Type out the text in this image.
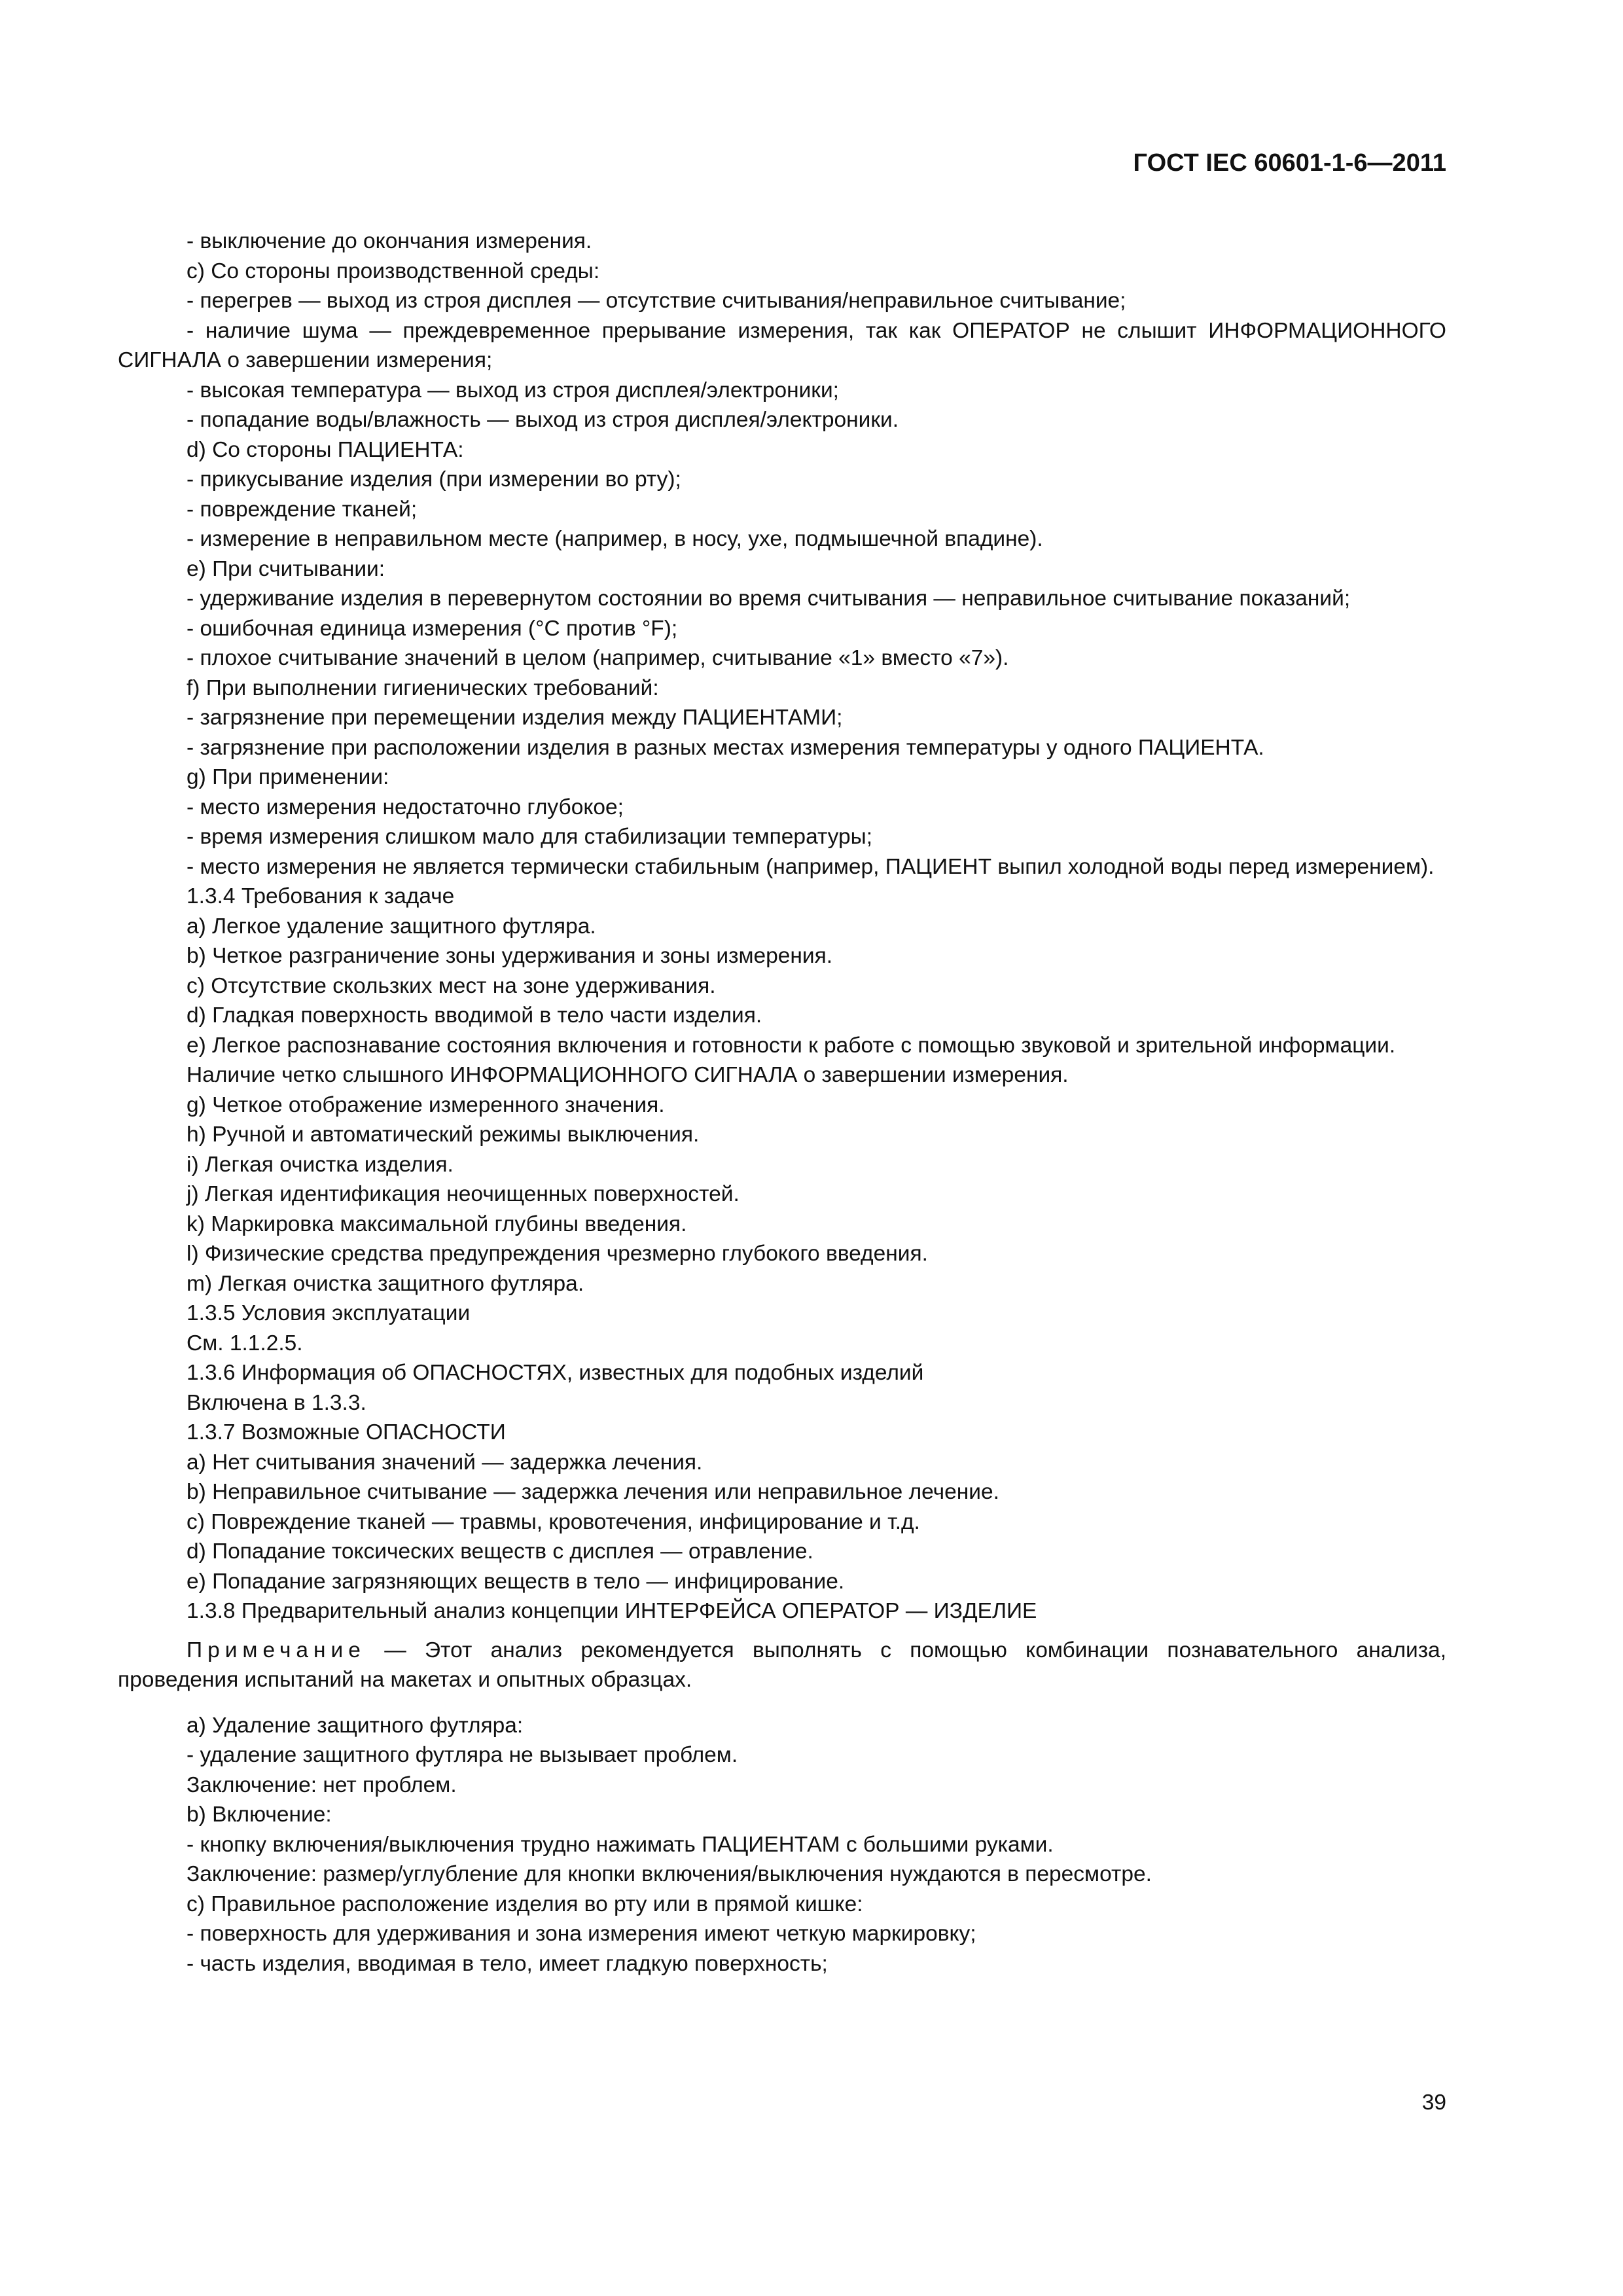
ГОСТ IEC 60601-1-6—2011
- выключение до окончания измерения.
c) Со стороны производственной среды:
- перегрев — выход из строя дисплея — отсутствие считывания/неправильное считывание;

- наличие шума — преждевременное прерывание измерения, так как ОПЕРАТОР не слышит ИНФОРМАЦИОННОГО СИГНАЛА о завершении измерения;

- высокая температура — выход из строя дисплея/электроники;
- попадание воды/влажность — выход из строя дисплея/электроники.
d) Со стороны ПАЦИЕНТА:
- прикусывание изделия (при измерении во рту);
- повреждение тканей;
- измерение в неправильном месте (например, в носу, ухе, подмышечной впадине).
e) При считывании:

- удерживание изделия в перевернутом состоянии во время считывания — неправильное считывание показаний;

- ошибочная единица измерения (°C против °F);
- плохое считывание значений в целом (например, считывание «1» вместо «7»).
f) При выполнении гигиенических требований:
- загрязнение при перемещении изделия между ПАЦИЕНТАМИ;
- загрязнение при расположении изделия в разных местах измерения температуры у одного ПАЦИЕНТА.
g) При применении:
- место измерения недостаточно глубокое;
- время измерения слишком мало для стабилизации температуры;

- место измерения не является термически стабильным (например, ПАЦИЕНТ выпил холодной воды перед измерением).

1.3.4 Требования к задаче
a) Легкое удаление защитного футляра.
b) Четкое разграничение зоны удерживания и зоны измерения.
c) Отсутствие скользких мест на зоне удерживания.
d) Гладкая поверхность вводимой в тело части изделия.

e) Легкое распознавание состояния включения и готовности к работе с помощью звуковой и зрительной информации.

Наличие четко слышного ИНФОРМАЦИОННОГО СИГНАЛА о завершении измерения.
g) Четкое отображение измеренного значения.
h) Ручной и автоматический режимы выключения.
i) Легкая очистка изделия.
j) Легкая идентификация неочищенных поверхностей.
k) Маркировка максимальной глубины введения.
l) Физические средства предупреждения чрезмерно глубокого введения.
m) Легкая очистка защитного футляра.
1.3.5 Условия эксплуатации
См. 1.1.2.5.
1.3.6 Информация об ОПАСНОСТЯХ, известных для подобных изделий
Включена в 1.3.3.
1.3.7 Возможные ОПАСНОСТИ
a) Нет считывания значений — задержка лечения.
b) Неправильное считывание — задержка лечения или неправильное лечение.
c) Повреждение тканей — травмы, кровотечения, инфицирование и т.д.
d) Попадание токсических веществ с дисплея — отравление.
e) Попадание загрязняющих веществ в тело — инфицирование.
1.3.8 Предварительный анализ концепции ИНТЕРФЕЙСА ОПЕРАТОР — ИЗДЕЛИЕ

Примечание — Этот анализ рекомендуется выполнять с помощью комбинации познавательного анализа, проведения испытаний на макетах и опытных образцах.

a) Удаление защитного футляра:
- удаление защитного футляра не вызывает проблем.
Заключение: нет проблем.
b) Включение:
- кнопку включения/выключения трудно нажимать ПАЦИЕНТАМ с большими руками.
Заключение: размер/углубление для кнопки включения/выключения нуждаются в пересмотре.
c) Правильное расположение изделия во рту или в прямой кишке:
- поверхность для удерживания и зона измерения имеют четкую маркировку;
- часть изделия, вводимая в тело, имеет гладкую поверхность;
39
